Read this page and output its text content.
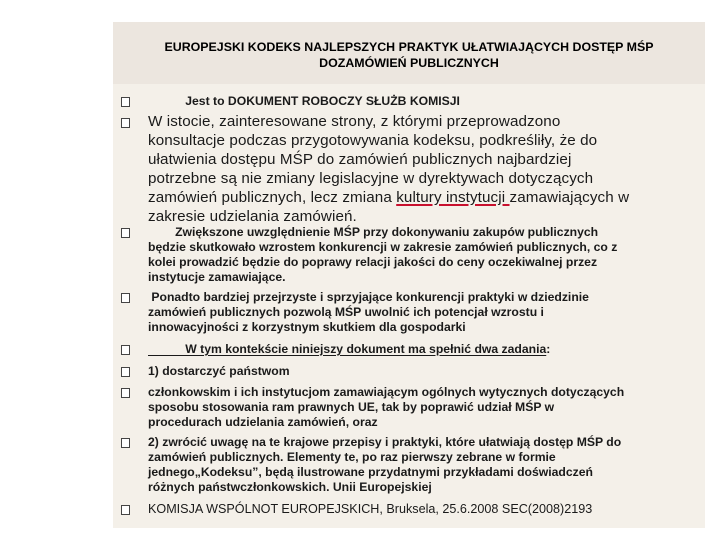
EUROPEJSKI KODEKS NAJLEPSZYCH PRAKTYK UŁATWIAJĄCYCH DOSTĘP MŚP
DOZAMÓWIEŃ PUBLICZNYCH
Jest to DOKUMENT ROBOCZY SŁUŻB KOMISJI
W istocie, zainteresowane strony, z którymi przeprowadzono
konsultacje podczas przygotowywania kodeksu, podkreśliły, że do
ułatwienia dostępu MŚP do zamówień publicznych najbardziej
potrzebne są nie zmiany legislacyjne w dyrektywach dotyczących
zamówień publicznych, lecz zmiana kultury instytucji zamawiających w
zakresie udzielania zamówień.
Zwiększone uwzględnienie MŚP przy dokonywaniu zakupów publicznych
będzie skutkowało wzrostem konkurencji w zakresie zamówień publicznych, co z
kolei prowadzić będzie do poprawy relacji jakości do ceny oczekiwalnej przez
instytucje zamawiające.
Ponadto bardziej przejrzyste i sprzyjające konkurencji praktyki w dziedzinie
zamówień publicznych pozwolą MŚP uwolnić ich potencjał wzrostu i
innowacyjności z korzystnym skutkiem dla gospodarki
W tym kontekście niniejszy dokument ma spełnić dwa zadania:
1) dostarczyć państwom
członkowskim i ich instytucjom zamawiającym ogólnych wytycznych dotyczących
sposobu stosowania ram prawnych UE, tak by poprawić udział MŚP w
procedurach udzielania zamówień, oraz
2) zwrócić uwagę na te krajowe przepisy i praktyki, które ułatwiają dostęp MŚP do
zamówień publicznych. Elementy te, po raz pierwszy zebrane w formie
jednego„Kodeksu”, będą ilustrowane przydatnymi przykładami doświadczeń
różnych państwczłonkowskich. Unii Europejskiej
KOMISJA WSPÓLNOT EUROPEJSKICH, Bruksela, 25.6.2008 SEC(2008)2193
